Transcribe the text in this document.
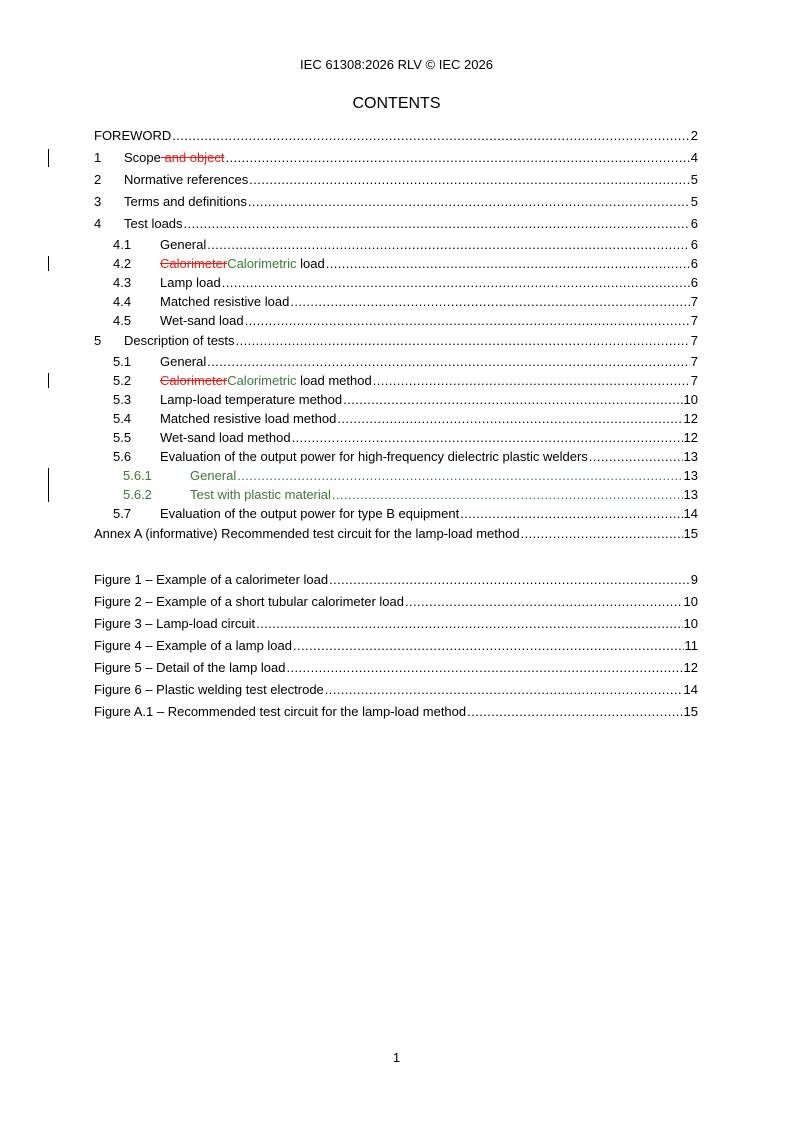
IEC 61308:2026 RLV © IEC 2026
CONTENTS
FOREWORD .....	2
1	Scope and object .....	4
2	Normative references .....	5
3	Terms and definitions .....	5
4	Test loads .....	6
4.1	General .....	6
4.2	CalorimeterCalorimetric load .....	6
4.3	Lamp load .....	6
4.4	Matched resistive load .....	7
4.5	Wet-sand load .....	7
5	Description of tests .....	7
5.1	General .....	7
5.2	CalorimeterCalorimetric load method .....	7
5.3	Lamp-load temperature method .....	10
5.4	Matched resistive load method .....	12
5.5	Wet-sand load method .....	12
5.6	Evaluation of the output power for high-frequency dielectric plastic welders .....	13
5.6.1	General .....	13
5.6.2	Test with plastic material .....	13
5.7	Evaluation of the output power for type B equipment .....	14
Annex A (informative) Recommended test circuit for the lamp-load method .....	15
Figure 1 – Example of a calorimeter load .....	9
Figure 2 – Example of a short tubular calorimeter load .....	10
Figure 3 – Lamp-load circuit .....	10
Figure 4 – Example of a lamp load .....	11
Figure 5 – Detail of the lamp load .....	12
Figure 6 – Plastic welding test electrode .....	14
Figure A.1 – Recommended test circuit for the lamp-load method .....	15
1
